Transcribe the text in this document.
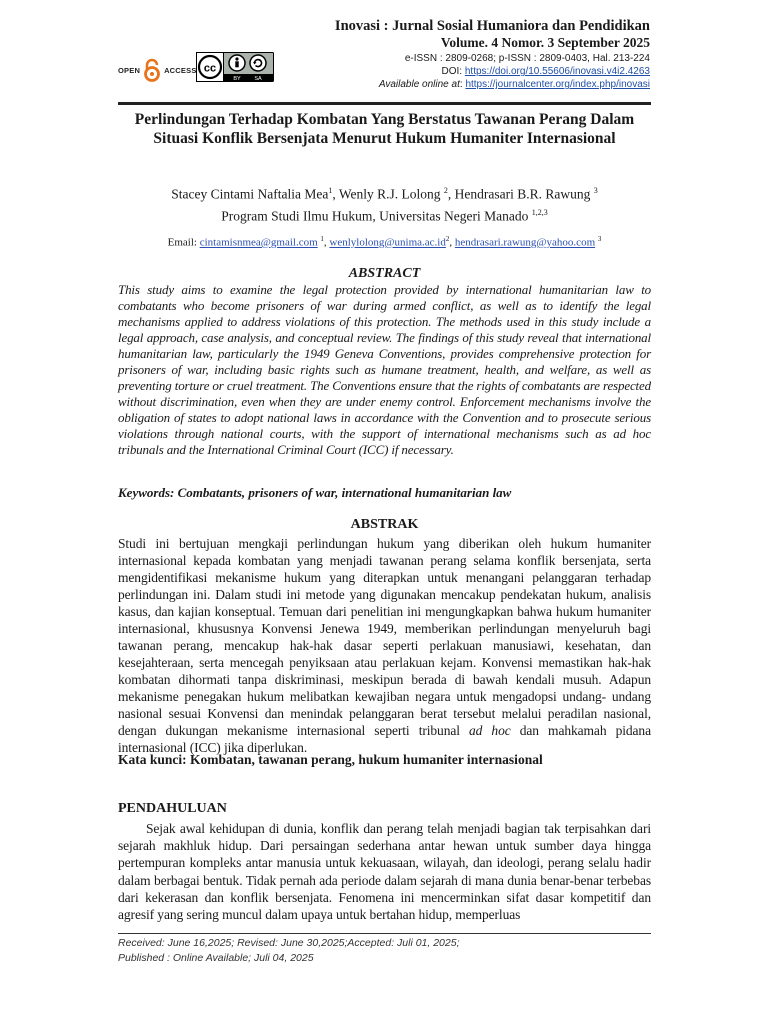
OPEN	ACCESS cc
BY SA
Inovasi : Jurnal Sosial Humaniora dan Pendidikan
Volume. 4 Nomor. 3 September 2025
e-ISSN : 2809-0268; p-ISSN : 2809-0403, Hal. 213-224
DOI: https://doi.org/10.55606/inovasi.v4i2.4263
Available online at: https://journalcenter.org/index.php/inovasi
Perlindungan Terhadap Kombatan Yang Berstatus Tawanan Perang Dalam Situasi Konflik Bersenjata Menurut Hukum Humaniter Internasional
Stacey Cintami Naftalia Mea$^1$, Wenly R.J. Lolong $^2$, Hendrasari B.R. Rawung $^3$
Program Studi Ilmu Hukum, Universitas Negeri Manado $^{1,2,3}$
Email: cintamisnmea@gmail.com $^1$, $wenlylolong@unima.ac.id^2$, hendrasari.rawung@yahoo.com $^3$
ABSTRACT
This study aims to examine the legal protection provided by international humanitarian law to combatants who become prisoners of war during armed conflict, as well as to identify the legal mechanisms applied to address violations of this protection. The methods used in this study include a legal approach, case analysis, and conceptual review. The findings of this study reveal that international humanitarian law, particularly the 1949 Geneva Conventions, provides comprehensive protection for prisoners of war, including basic rights such as humane treatment, health, and welfare, as well as preventing torture or cruel treatment. The Conventions ensure that the rights of combatants are respected without discrimination, even when they are under enemy control. Enforcement mechanisms involve the obligation of states to adopt national laws in accordance with the Convention and to prosecute serious violations through national courts, with the support of international mechanisms such as ad hoc tribunals and the International Criminal Court (ICC) if necessary.
Keywords: Combatants, prisoners of war, international humanitarian law
ABSTRAK
Studi ini bertujuan mengkaji perlindungan hukum yang diberikan oleh hukum humaniter internasional kepada kombatan yang menjadi tawanan perang selama konflik bersenjata, serta mengidentifikasi mekanisme hukum yang diterapkan untuk menangani pelanggaran terhadap perlindungan ini. Dalam studi ini metode yang digunakan mencakup pendekatan hukum, analisis kasus, dan kajian konseptual. Temuan dari penelitian ini mengungkapkan bahwa hukum humaniter internasional, khususnya Konvensi Jenewa 1949, memberikan perlindungan menyeluruh bagi tawanan perang, mencakup hak-hak dasar seperti perlakuan manusiawi, kesehatan, dan kesejahteraan, serta mencegah penyiksaan atau perlakuan kejam. Konvensi memastikan hak-hak kombatan dihormati tanpa diskriminasi, meskipun berada di bawah kendali musuh. Adapun mekanisme penegakan hukum melibatkan kewajiban negara untuk mengadopsi undang- undang nasional sesuai Konvensi dan menindak pelanggaran berat tersebut melalui peradilan nasional, dengan dukungan mekanisme internasional seperti tribunal ad hoc dan mahkamah pidana internasional (ICC) jika diperlukan.
Kata kunci: Kombatan, tawanan perang, hukum humaniter internasional
PENDAHULUAN
Sejak awal kehidupan di dunia, konflik dan perang telah menjadi bagian tak terpisahkan dari sejarah makhluk hidup. Dari persaingan sederhana antar hewan untuk sumber daya hingga pertempuran kompleks antar manusia untuk kekuasaan, wilayah, dan ideologi, perang selalu hadir dalam berbagai bentuk. Tidak pernah ada periode dalam sejarah di mana dunia benar-benar terbebas dari kekerasan dan konflik bersenjata. Fenomena ini mencerminkan sifat dasar kompetitif dan agresif yang sering muncul dalam upaya untuk bertahan hidup, memperluas
Received: June 16,2025; Revised: June 30,2025;Accepted: Juli 01, 2025;
Published : Online Available; Juli 04, 2025
